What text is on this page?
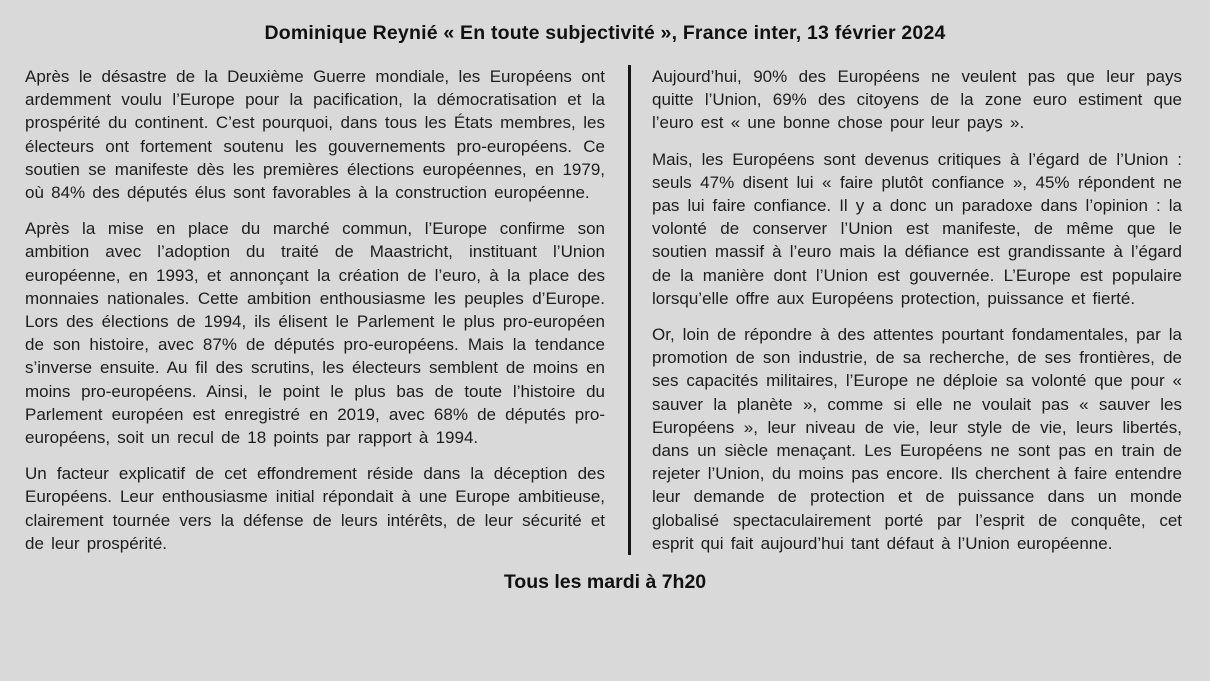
Dominique Reynié « En toute subjectivité », France inter, 13 février 2024

Après le désastre de la Deuxième Guerre mondiale, les Européens ont ardemment voulu l’Europe pour la pacification, la démocratisation et la prospérité du continent. C’est pourquoi, dans tous les États membres, les électeurs ont fortement soutenu les gouvernements pro-européens. Ce soutien se manifeste dès les premières élections européennes, en 1979, où 84% des députés élus sont favorables à la construction européenne.

Après la mise en place du marché commun, l’Europe confirme son ambition avec l’adoption du traité de Maastricht, instituant l’Union européenne, en 1993, et annonçant la création de l’euro, à la place des monnaies nationales. Cette ambition enthousiasme les peuples d’Europe. Lors des élections de 1994, ils élisent le Parlement le plus pro-européen de son histoire, avec 87% de députés pro-européens. Mais la tendance s’inverse ensuite. Au fil des scrutins, les électeurs semblent de moins en moins pro-européens. Ainsi, le point le plus bas de toute l’histoire du Parlement européen est enregistré en 2019, avec 68% de députés pro-européens, soit un recul de 18 points par rapport à 1994.

Un facteur explicatif de cet effondrement réside dans la déception des Européens. Leur enthousiasme initial répondait à une Europe ambitieuse, clairement tournée vers la défense de leurs intérêts, de leur sécurité et de leur prospérité.

Aujourd’hui, 90% des Européens ne veulent pas que leur pays quitte l’Union, 69% des citoyens de la zone euro estiment que l’euro est « une bonne chose pour leur pays ».

Mais, les Européens sont devenus critiques à l’égard de l’Union : seuls 47% disent lui « faire plutôt confiance », 45% répondent ne pas lui faire confiance. Il y a donc un paradoxe dans l’opinion : la volonté de conserver l’Union est manifeste, de même que le soutien massif à l’euro mais la défiance est grandissante à l’égard de la manière dont l’Union est gouvernée. L’Europe est populaire lorsqu’elle offre aux Européens protection, puissance et fierté.

Or, loin de répondre à des attentes pourtant fondamentales, par la promotion de son industrie, de sa recherche, de ses frontières, de ses capacités militaires, l’Europe ne déploie sa volonté que pour « sauver la planète », comme si elle ne voulait pas « sauver les Européens », leur niveau de vie, leur style de vie, leurs libertés, dans un siècle menaçant. Les Européens ne sont pas en train de rejeter l’Union, du moins pas encore. Ils cherchent à faire entendre leur demande de protection et de puissance dans un monde globalisé spectaculairement porté par l’esprit de conquête, cet esprit qui fait aujourd’hui tant défaut à l’Union européenne.

Tous les mardi à 7h20
